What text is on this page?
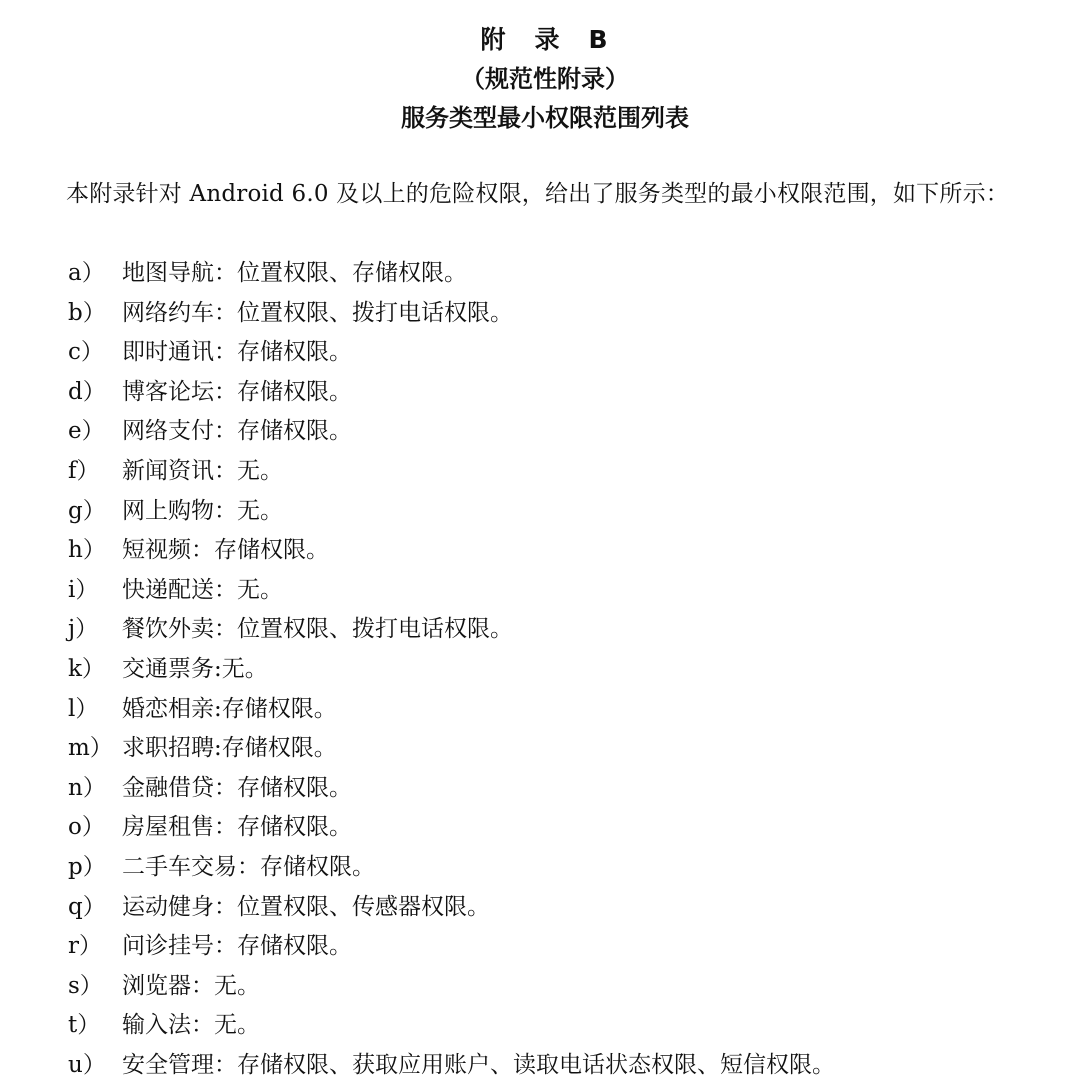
附　录　B
（规范性附录）
服务类型最小权限范围列表

本附录针对 Android 6.0 及以上的危险权限，给出了服务类型的最小权限范围，如下所示：

a） 地图导航：位置权限、存储权限。
b） 网络约车：位置权限、拨打电话权限。
c） 即时通讯：存储权限。
d） 博客论坛：存储权限。
e） 网络支付：存储权限。
f） 新闻资讯：无。
g） 网上购物：无。
h） 短视频：存储权限。
i）	快递配送：无。
j）	餐饮外卖：位置权限、拨打电话权限。
k） 交通票务:无。
l）	婚恋相亲:存储权限。
m） 求职招聘:存储权限。
n） 金融借贷：存储权限。
o） 房屋租售：存储权限。
p） 二手车交易：存储权限。
q） 运动健身：位置权限、传感器权限。
r） 问诊挂号：存储权限。
s） 浏览器：无。
t） 输入法：无。
u） 安全管理：存储权限、获取应用账户、读取电话状态权限、短信权限。
